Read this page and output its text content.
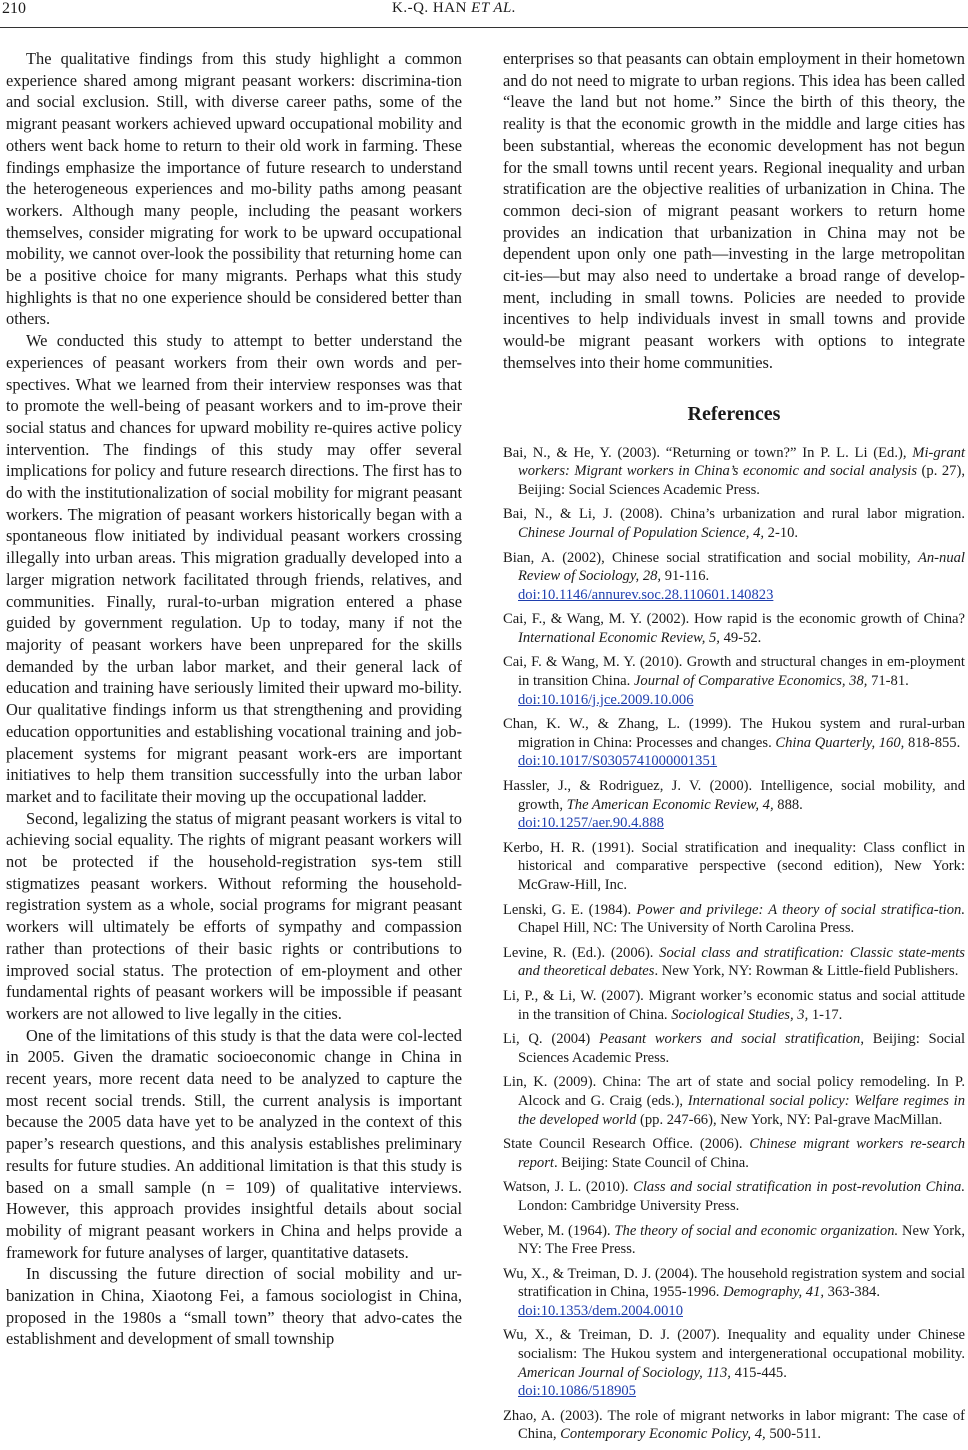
210	K.-Q. HAN ET AL.

The qualitative findings from this study highlight a common experience shared among migrant peasant workers: discrimina-tion and social exclusion. Still, with diverse career paths, some of the migrant peasant workers achieved upward occupational mobility and others went back home to return to their old work in farming. These findings emphasize the importance of future research to understand the heterogeneous experiences and mo-bility paths among peasant workers. Although many people, including the peasant workers themselves, consider migrating for work to be upward occupational mobility, we cannot over-look the possibility that returning home can be a positive choice for many migrants. Perhaps what this study highlights is that no one experience should be considered better than others.

We conducted this study to attempt to better understand the experiences of peasant workers from their own words and per-spectives. What we learned from their interview responses was that to promote the well-being of peasant workers and to im-prove their social status and chances for upward mobility re-quires active policy intervention. The findings of this study may offer several implications for policy and future research directions. The first has to do with the institutionalization of social mobility for migrant peasant workers. The migration of peasant workers historically began with a spontaneous flow initiated by individual peasant workers crossing illegally into urban areas. This migration gradually developed into a larger migration network facilitated through friends, relatives, and communities. Finally, rural-to-urban migration entered a phase guided by government regulation. Up to today, many if not the majority of peasant workers have been unprepared for the skills demanded by the urban labor market, and their general lack of education and training have seriously limited their upward mo-bility. Our qualitative findings inform us that strengthening and providing education opportunities and establishing vocational training and job-placement systems for migrant peasant work-ers are important initiatives to help them transition successfully into the urban labor market and to facilitate their moving up the occupational ladder.

Second, legalizing the status of migrant peasant workers is vital to achieving social equality. The rights of migrant peasant workers will not be protected if the household-registration sys-tem still stigmatizes peasant workers. Without reforming the household-registration system as a whole, social programs for migrant peasant workers will ultimately be efforts of sympathy and compassion rather than protections of their basic rights or contributions to improved social status. The protection of em-ployment and other fundamental rights of peasant workers will be impossible if peasant workers are not allowed to live legally in the cities.

One of the limitations of this study is that the data were col-lected in 2005. Given the dramatic socioeconomic change in China in recent years, more recent data need to be analyzed to capture the most recent social trends. Still, the current analysis is important because the 2005 data have yet to be analyzed in the context of this paper’s research questions, and this analysis establishes preliminary results for future studies. An additional limitation is that this study is based on a small sample (n = 109) of qualitative interviews. However, this approach provides insightful details about social mobility of migrant peasant workers in China and helps provide a framework for future analyses of larger, quantitative datasets.

In discussing the future direction of social mobility and ur-banization in China, Xiaotong Fei, a famous sociologist in China, proposed in the 1980s a “small town” theory that advo-cates the establishment and development of small township

enterprises so that peasants can obtain employment in their hometown and do not need to migrate to urban regions. This idea has been called “leave the land but not home.” Since the birth of this theory, the reality is that the economic growth in the middle and large cities has been substantial, whereas the economic development has not begun for the small towns until recent years. Regional inequality and urban stratification are the objective realities of urbanization in China. The common deci-sion of migrant peasant workers to return home provides an indication that urbanization in China may not be dependent upon only one path—investing in the large metropolitan cit-ies—but may also need to undertake a broad range of develop-ment, including in small towns. Policies are needed to provide incentives to help individuals invest in small towns and provide would-be migrant peasant workers with options to integrate themselves into their home communities.

References

Bai, N., & He, Y. (2003). “Returning or town?” In P. L. Li (Ed.), Mi-grant workers: Migrant workers in China’s economic and social analysis (p. 27), Beijing: Social Sciences Academic Press.

Bai, N., & Li, J. (2008). China’s urbanization and rural labor migration. Chinese Journal of Population Science, 4, 2-10.

Bian, A. (2002), Chinese social stratification and social mobility, An-nual Review of Sociology, 28, 91-116.
doi:10.1146/annurev.soc.28.110601.140823

Cai, F., & Wang, M. Y. (2002). How rapid is the economic growth of China? International Economic Review, 5, 49-52.

Cai, F. & Wang, M. Y. (2010). Growth and structural changes in em-ployment in transition China. Journal of Comparative Economics, 38, 71-81.
doi:10.1016/j.jce.2009.10.006

Chan, K. W., & Zhang, L. (1999). The Hukou system and rural-urban migration in China: Processes and changes. China Quarterly, 160, 818-855.
doi:10.1017/S0305741000001351

Hassler, J., & Rodriguez, J. V. (2000). Intelligence, social mobility, and growth, The American Economic Review, 4, 888.
doi:10.1257/aer.90.4.888

Kerbo, H. R. (1991). Social stratification and inequality: Class conflict in historical and comparative perspective (second edition), New York: McGraw-Hill, Inc.

Lenski, G. E. (1984). Power and privilege: A theory of social stratifica-tion. Chapel Hill, NC: The University of North Carolina Press.

Levine, R. (Ed.). (2006). Social class and stratification: Classic state-ments and theoretical debates. New York, NY: Rowman & Little-field Publishers.

Li, P., & Li, W. (2007). Migrant worker’s economic status and social attitude in the transition of China. Sociological Studies, 3, 1-17.

Li, Q. (2004) Peasant workers and social stratification, Beijing: Social Sciences Academic Press.

Lin, K. (2009). China: The art of state and social policy remodeling. In P. Alcock and G. Craig (eds.), International social policy: Welfare regimes in the developed world (pp. 247-66), New York, NY: Pal-grave MacMillan.

State Council Research Office. (2006). Chinese migrant workers re-search report. Beijing: State Council of China.

Watson, J. L. (2010). Class and social stratification in post-revolution China. London: Cambridge University Press.

Weber, M. (1964). The theory of social and economic organization. New York, NY: The Free Press.

Wu, X., & Treiman, D. J. (2004). The household registration system and social stratification in China, 1955-1996. Demography, 41, 363-384.
doi:10.1353/dem.2004.0010

Wu, X., & Treiman, D. J. (2007). Inequality and equality under Chinese socialism: The Hukou system and intergenerational occupational mobility. American Journal of Sociology, 113, 415-445.
doi:10.1086/518905

Zhao, A. (2003). The role of migrant networks in labor migrant: The case of China, Contemporary Economic Policy, 4, 500-511.
